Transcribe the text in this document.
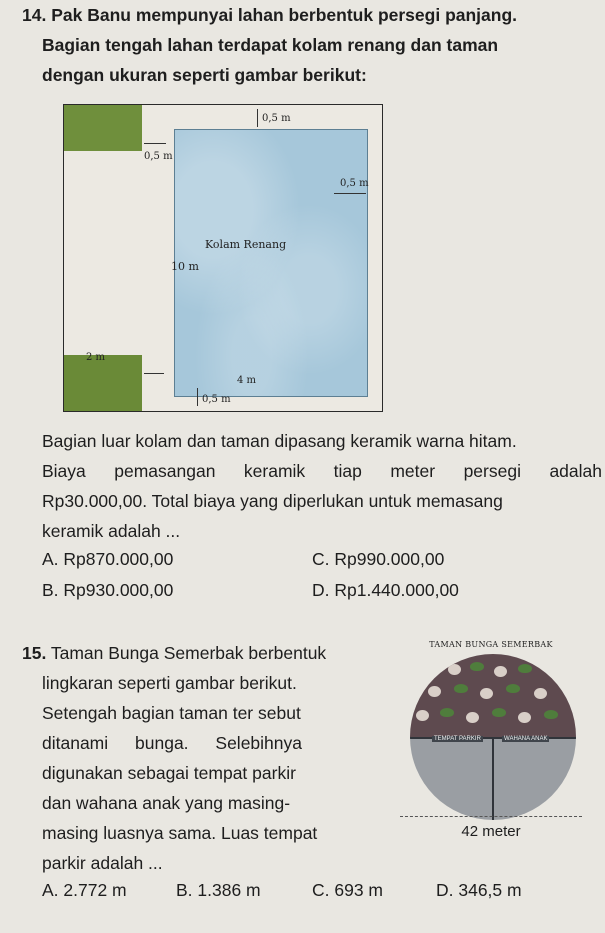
14. Pak Banu mempunyai lahan berbentuk persegi panjang.
Bagian tengah lahan terdapat kolam renang dan taman
dengan ukuran seperti gambar berikut:
Kolam Renang
10 m
4 m
0,5 m
0,5 m
0,5 m
2 m
0,5 m
Bagian luar kolam dan taman dipasang keramik warna hitam.
Biaya pemasangan keramik tiap meter persegi adalah
Rp30.000,00. Total biaya yang diperlukan untuk memasang
keramik adalah ...
A. Rp870.000,00	C. Rp990.000,00
B. Rp930.000,00	D. Rp1.440.000,00
15. Taman Bunga Semerbak berbentuk
lingkaran seperti gambar berikut.
Setengah bagian taman ter sebut
ditanami bunga. Selebihnya
digunakan sebagai tempat parkir
dan wahana anak yang masing-
masing luasnya sama. Luas tempat
parkir adalah ...
TAMAN BUNGA SEMERBAK
TEMPAT PARKIR	WAHANA ANAK
42 meter
A. 2.772 m	B. 1.386 m	C. 693 m	D. 346,5 m
